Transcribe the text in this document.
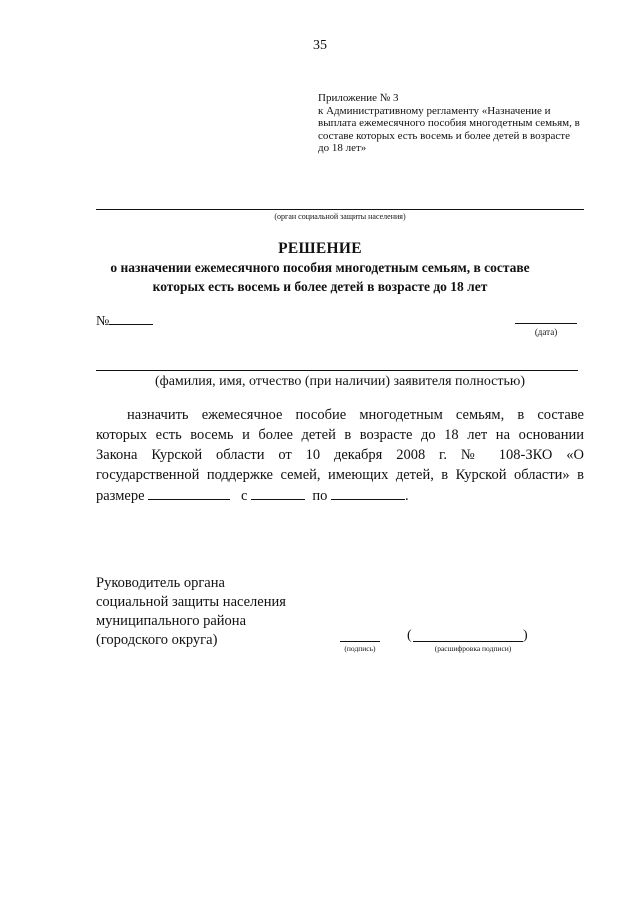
35
Приложение № 3
к Административному регламенту «Назначение и
выплата ежемесячного пособия многодетным семьям, в
составе которых есть восемь и более детей в возрасте
до 18 лет»
(орган социальной защиты населения)
РЕШЕНИЕ
о назначении ежемесячного пособия многодетным семьям, в составе
которых есть восемь и более детей в возрасте до 18 лет
№
(дата)
(фамилия, имя, отчество (при наличии) заявителя полностью)
назначить ежемесячное пособие многодетным семьям, в составе
которых есть восемь и более детей в возрасте до 18 лет на основании
Закона Курской области от 10 декабря 2008 г. № 108-ЗКО «О
государственной поддержке семей, имеющих детей, в Курской области» в
размере	с	по	.
Руководитель органа
социальной защиты населения
муниципального района
(городского округа)
(подпись)
(	)
(расшифровка подписи)
